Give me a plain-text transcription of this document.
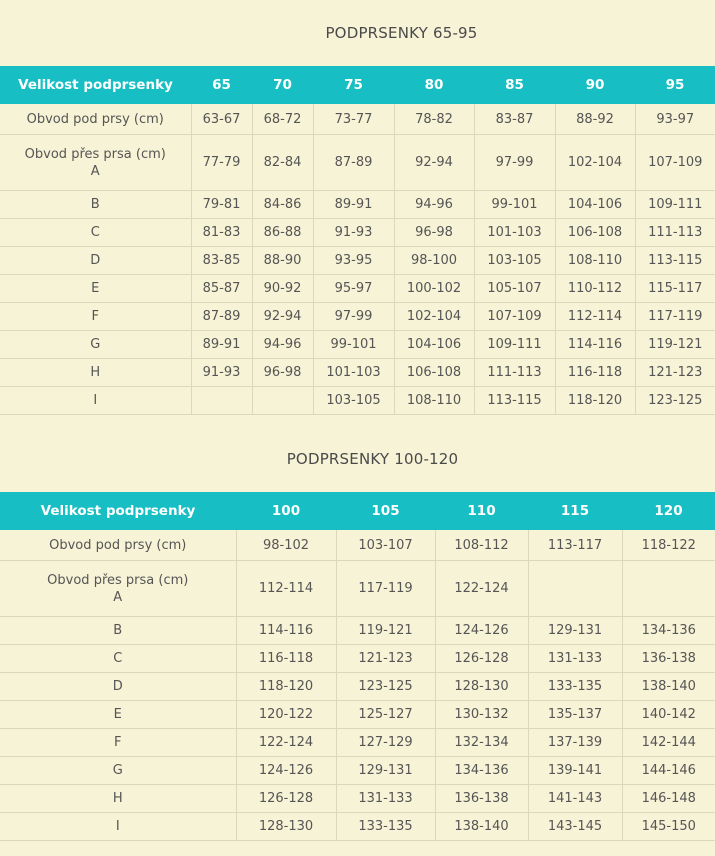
PODPRSENKY 65-95
Velikost podprsenky	65	70	75	80	85	90	95
Obvod pod prsy (cm)	63-67	68-72	73-77	78-82	83-87	88-92	93-97
Obvod přes prsa (cm)
A	77-79	82-84	87-89	92-94	97-99	102-104	107-109
B	79-81	84-86	89-91	94-96	99-101	104-106	109-111
C	81-83	86-88	91-93	96-98	101-103	106-108	111-113
D	83-85	88-90	93-95	98-100	103-105	108-110	113-115
E	85-87	90-92	95-97	100-102	105-107	110-112	115-117
F	87-89	92-94	97-99	102-104	107-109	112-114	117-119
G	89-91	94-96	99-101	104-106	109-111	114-116	119-121
H	91-93	96-98	101-103	106-108	111-113	116-118	121-123
I			103-105	108-110	113-115	118-120	123-125
PODPRSENKY 100-120
Velikost podprsenky	100	105	110	115	120
Obvod pod prsy (cm)	98-102	103-107	108-112	113-117	118-122
Obvod přes prsa (cm)
A	112-114	117-119	122-124		
B	114-116	119-121	124-126	129-131	134-136
C	116-118	121-123	126-128	131-133	136-138
D	118-120	123-125	128-130	133-135	138-140
E	120-122	125-127	130-132	135-137	140-142
F	122-124	127-129	132-134	137-139	142-144
G	124-126	129-131	134-136	139-141	144-146
H	126-128	131-133	136-138	141-143	146-148
I	128-130	133-135	138-140	143-145	145-150
